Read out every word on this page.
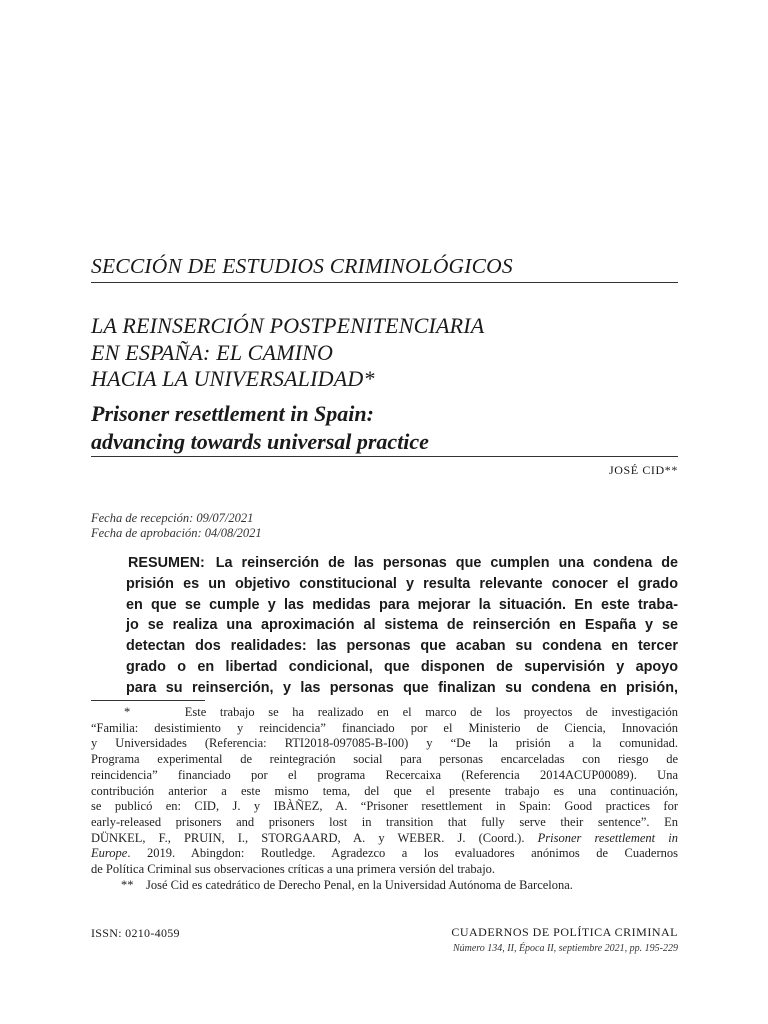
SECCIÓN DE ESTUDIOS CRIMINOLÓGICOS
LA REINSERCIÓN POSTPENITENCIARIA
EN ESPAÑA: EL CAMINO
HACIA LA UNIVERSALIDAD*
Prisoner resettlement in Spain:
advancing towards universal practice
JOSÉ CID**
Fecha de recepción: 09/07/2021
Fecha de aprobación: 04/08/2021
RESUMEN: La reinserción de las personas que cumplen una condena de
prisión es un objetivo constitucional y resulta relevante conocer el grado
en que se cumple y las medidas para mejorar la situación. En este traba-
jo se realiza una aproximación al sistema de reinserción en España y se
detectan dos realidades: las personas que acaban su condena en tercer
grado o en libertad condicional, que disponen de supervisión y apoyo
para su reinserción, y las personas que finalizan su condena en prisión,
*	Este trabajo se ha realizado en el marco de los proyectos de investigación
“Familia: desistimiento y reincidencia” financiado por el Ministerio de Ciencia, Innovación
y Universidades (Referencia: RTI2018-097085-B-I00) y “De la prisión a la comunidad.
Programa experimental de reintegración social para personas encarceladas con riesgo de
reincidencia” financiado por el programa Recercaixa (Referencia 2014ACUP00089). Una
contribución anterior a este mismo tema, del que el presente trabajo es una continuación,
se publicó en: CID, J. y IBÀÑEZ, A. “Prisoner resettlement in Spain: Good practices for
early-released prisoners and prisoners lost in transition that fully serve their sentence”. En
DÜNKEL, F., PRUIN, I., STORGAARD, A. y WEBER. J. (Coord.). Prisoner resettlement in
Europe. 2019. Abingdon: Routledge. Agradezco a los evaluadores anónimos de Cuadernos
de Política Criminal sus observaciones críticas a una primera versión del trabajo.
** José Cid es catedrático de Derecho Penal, en la Universidad Autónoma de Barcelona.
ISSN: 0210-4059	CUADERNOS DE POLÍTICA CRIMINAL
Número 134, II, Época II, septiembre 2021, pp. 195-229
